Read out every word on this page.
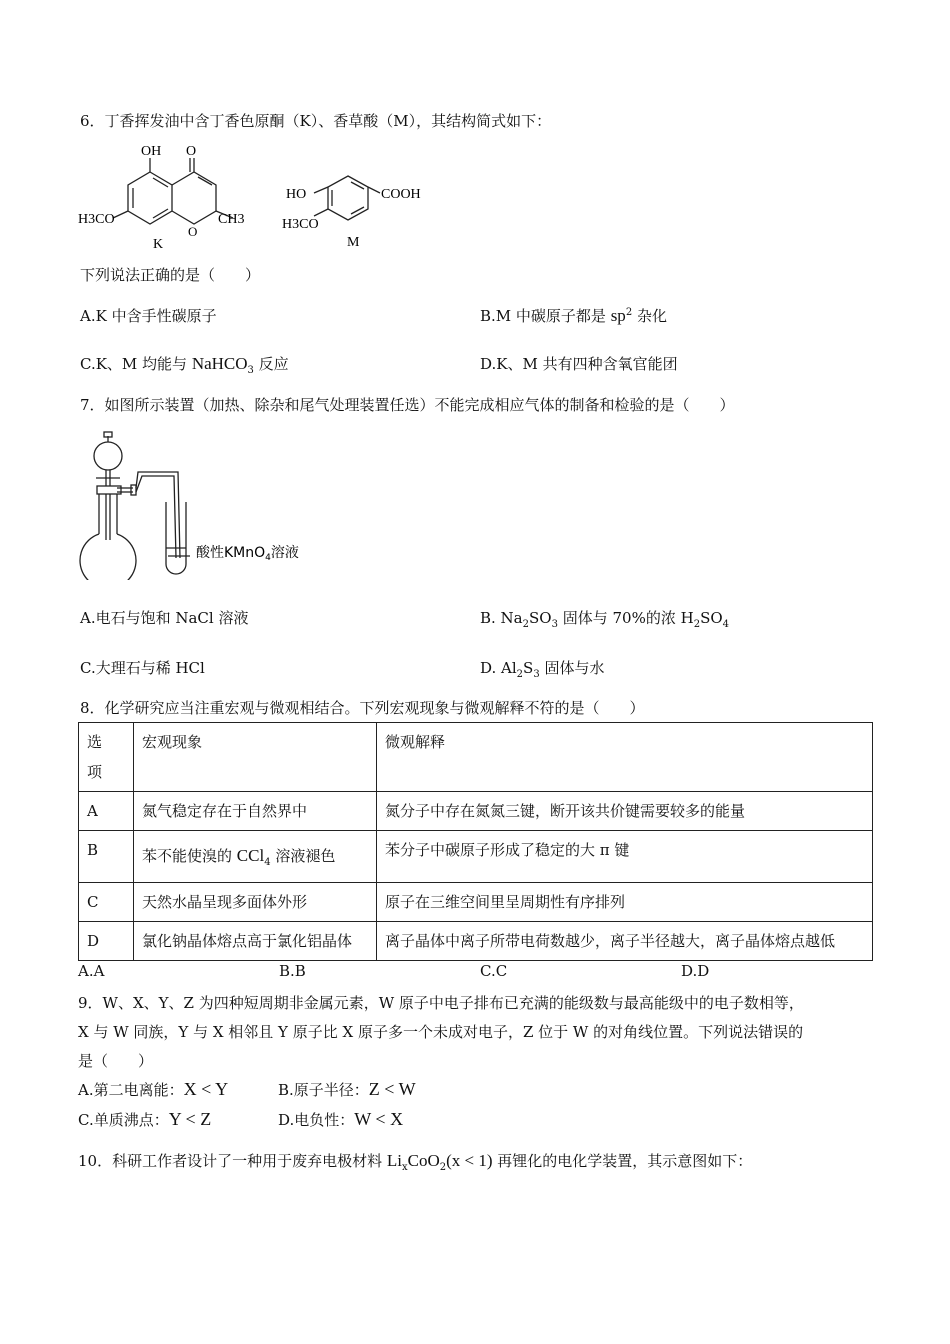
6．丁香挥发油中含丁香色原酮（K）、香草酸（M），其结构简式如下：
OH O
H3CO
O
CH3
K
HO	COOH
H3CO
M
下列说法正确的是（　　）
A.K 中含手性碳原子	B.M 中碳原子都是 $sp^2$ 杂化
C.K、M 均能与 NaHCO$_3$ 反应	D.K、M 共有四种含氧官能团
7．如图所示装置（加热、除杂和尾气处理装置任选）不能完成相应气体的制备和检验的是（　　）
酸性KMnO$_4$溶液
A.电石与饱和 NaCl 溶液	B. $Na_2SO_3$ 固体与 70%的浓 $H_2SO_4$
C.大理石与稀 HCl	D. $Al_2S_3$ 固体与水
8．化学研究应当注重宏观与微观相结合。下列宏观现象与微观解释不符的是（　　）
选
项	宏观现象	微观解释
A	氮气稳定存在于自然界中	氮分子中存在氮氮三键，断开该共价键需要较多的能量
B	苯不能使溴的 CCl$_4$ 溶液褪色	苯分子中碳原子形成了稳定的大 π 键
C	天然水晶呈现多面体外形	原子在三维空间里呈周期性有序排列
D	氯化钠晶体熔点高于氯化铝晶体	离子晶体中离子所带电荷数越少，离子半径越大，离子晶体熔点越低
A.A	B.B	C.C	D.D
9．W、X、Y、Z 为四种短周期非金属元素，W 原子中电子排布已充满的能级数与最高能级中的电子数相等，
X 与 W 同族，Y 与 X 相邻且 Y 原子比 X 原子多一个未成对电子，Z 位于 W 的对角线位置。下列说法错误的
是（　　）
A.第二电离能：X < Y	B.原子半径：Z < W
C.单质沸点：Y < Z	D.电负性：W < X
10．科研工作者设计了一种用于废弃电极材料 $Li_xCoO_2(x < 1)$ 再锂化的电化学装置，其示意图如下：
